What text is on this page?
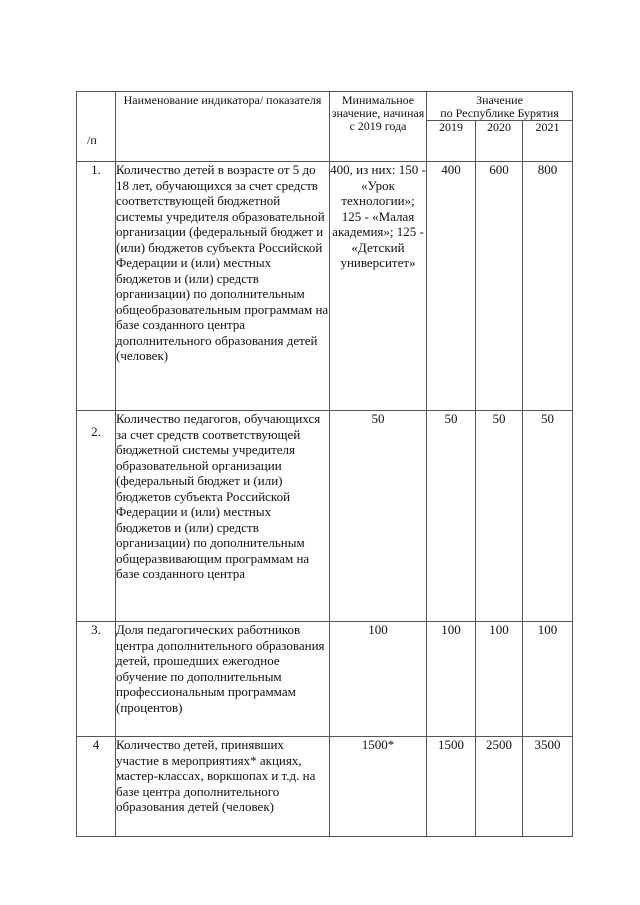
/п	Наименование индикатора/ показателя	Минимальное значение, начиная с 2019 года	Значение
по Республике Бурятия		

			2019	2020	2021
1.	Количество детей в возрасте от 5 до 18 лет, обучающихся за счет средств соответствующей бюджетной системы учредителя образовательной организации (федеральный бюджет и (или) бюджетов субъекта Российской Федерации и (или) местных бюджетов и (или) средств организации) по дополнительным общеобразовательным программам на базе созданного центра дополнительного образования детей (человек)	400, из них: 150 - «Урок технологии»; 125 - «Малая академия»; 125 - «Детский университет»	400	600	800
2.	Количество педагогов, обучающихся за счет средств соответствующей бюджетной системы учредителя образовательной организации (федеральный бюджет и (или) бюджетов субъекта Российской Федерации и (или) местных бюджетов и (или) средств организации) по дополнительным общеразвивающим программам на базе созданного центра	50	50	50	50
3.	Доля педагогических работников центра дополнительного образования детей, прошедших ежегодное обучение по дополнительным профессиональным программам (процентов)	100	100	100	100
4	Количество детей, принявших участие в мероприятиях* акциях, мастер-классах, воркшопах и т.д. на базе центра дополнительного образования детей (человек)	1500*	1500	2500	3500
